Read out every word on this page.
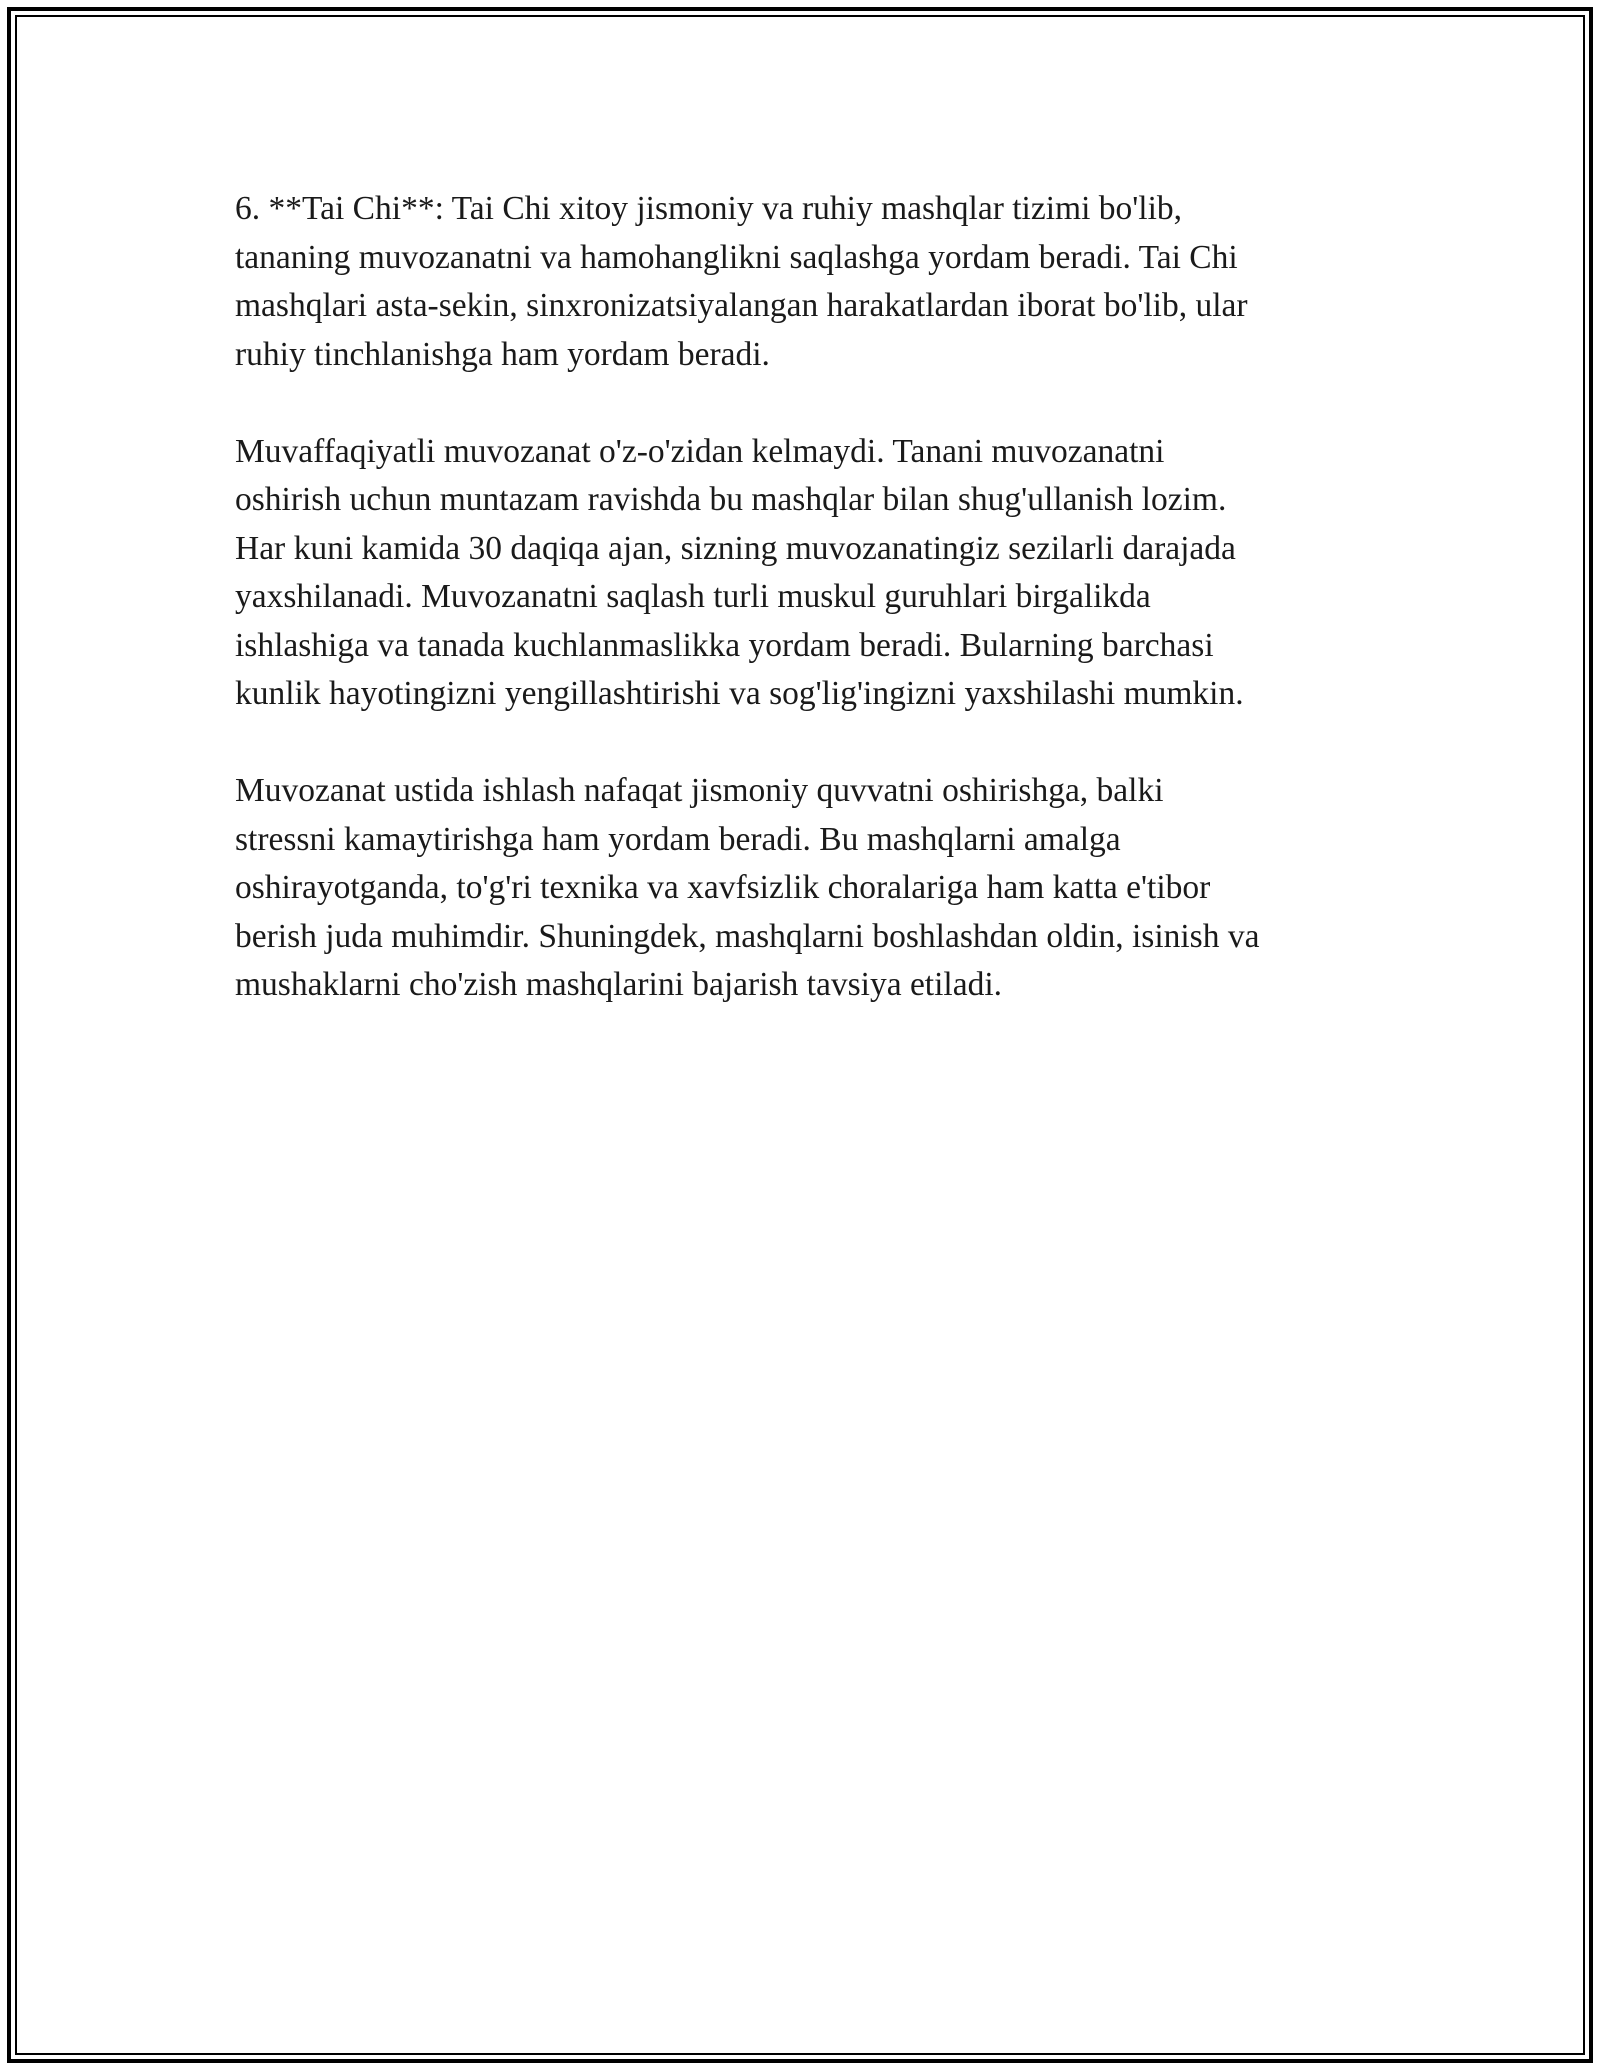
6. **Tai Chi**: Tai Chi xitoy jismoniy va ruhiy mashqlar tizimi bo'lib,
tananing muvozanatni va hamohanglikni saqlashga yordam beradi. Tai Chi
mashqlari asta-sekin, sinxronizatsiyalangan harakatlardan iborat bo'lib, ular
ruhiy tinchlanishga ham yordam beradi.

Muvaffaqiyatli muvozanat o'z-o'zidan kelmaydi. Tanani muvozanatni
oshirish uchun muntazam ravishda bu mashqlar bilan shug'ullanish lozim.
Har kuni kamida 30 daqiqa ajan, sizning muvozanatingiz sezilarli darajada
yaxshilanadi. Muvozanatni saqlash turli muskul guruhlari birgalikda
ishlashiga va tanada kuchlanmaslikka yordam beradi. Bularning barchasi
kunlik hayotingizni yengillashtirishi va sog'lig'ingizni yaxshilashi mumkin.

Muvozanat ustida ishlash nafaqat jismoniy quvvatni oshirishga, balki
stressni kamaytirishga ham yordam beradi. Bu mashqlarni amalga
oshirayotganda, to'g'ri texnika va xavfsizlik choralariga ham katta e'tibor
berish juda muhimdir. Shuningdek, mashqlarni boshlashdan oldin, isinish va
mushaklarni cho'zish mashqlarini bajarish tavsiya etiladi.
